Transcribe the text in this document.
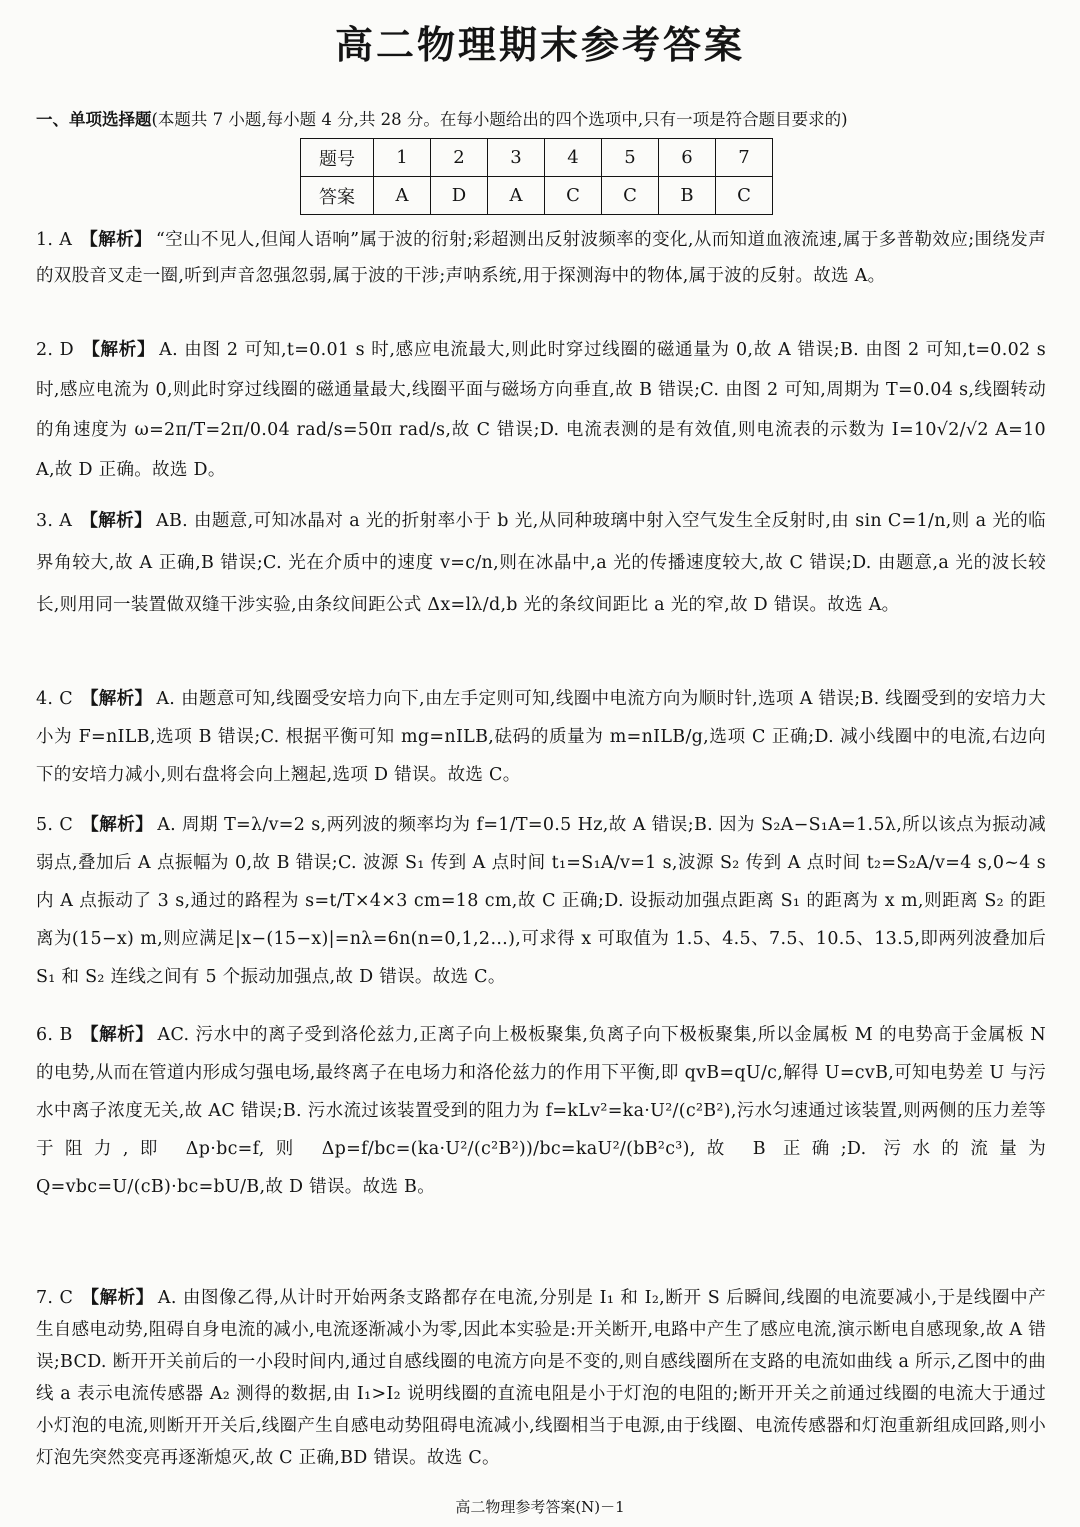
高二物理期末参考答案
一、单项选择题(本题共 7 小题,每小题 4 分,共 28 分。在每小题给出的四个选项中,只有一项是符合题目要求的)
题号	1	2	3	4	5	6	7
答案	A	D	A	C	C	B	C
1. A 【解析】 “空山不见人,但闻人语响”属于波的衍射;彩超测出反射波频率的变化,从而知道血液流速,属于多普勒效应;围绕发声的双股音叉走一圈,听到声音忽强忽弱,属于波的干涉;声呐系统,用于探测海中的物体,属于波的反射。故选 A。
2. D 【解析】 A. 由图 2 可知,t=0.01 s 时,感应电流最大,则此时穿过线圈的磁通量为 0,故 A 错误;B. 由图 2 可知,t=0.02 s 时,感应电流为 0,则此时穿过线圈的磁通量最大,线圈平面与磁场方向垂直,故 B 错误;C. 由图 2 可知,周期为 T=0.04 s,线圈转动的角速度为 ω=2π/T=2π/0.04 rad/s=50π rad/s,故 C 错误;D. 电流表测的是有效值,则电流表的示数为 I=10√2/√2 A=10 A,故 D 正确。故选 D。
3. A 【解析】 AB. 由题意,可知冰晶对 a 光的折射率小于 b 光,从同种玻璃中射入空气发生全反射时,由 sin C=1/n,则 a 光的临界角较大,故 A 正确,B 错误;C. 光在介质中的速度 v=c/n,则在冰晶中,a 光的传播速度较大,故 C 错误;D. 由题意,a 光的波长较长,则用同一装置做双缝干涉实验,由条纹间距公式 Δx=lλ/d,b 光的条纹间距比 a 光的窄,故 D 错误。故选 A。
4. C 【解析】 A. 由题意可知,线圈受安培力向下,由左手定则可知,线圈中电流方向为顺时针,选项 A 错误;B. 线圈受到的安培力大小为 F=nILB,选项 B 错误;C. 根据平衡可知 mg=nILB,砝码的质量为 m=nILB/g,选项 C 正确;D. 减小线圈中的电流,右边向下的安培力减小,则右盘将会向上翘起,选项 D 错误。故选 C。
5. C 【解析】 A. 周期 T=λ/v=2 s,两列波的频率均为 f=1/T=0.5 Hz,故 A 错误;B. 因为 S₂A−S₁A=1.5λ,所以该点为振动减弱点,叠加后 A 点振幅为 0,故 B 错误;C. 波源 S₁ 传到 A 点时间 t₁=S₁A/v=1 s,波源 S₂ 传到 A 点时间 t₂=S₂A/v=4 s,0~4 s 内 A 点振动了 3 s,通过的路程为 s=t/T×4×3 cm=18 cm,故 C 正确;D. 设振动加强点距离 S₁ 的距离为 x m,则距离 S₂ 的距离为(15−x) m,则应满足|x−(15−x)|=nλ=6n(n=0,1,2…),可求得 x 可取值为 1.5、4.5、7.5、10.5、13.5,即两列波叠加后 S₁ 和 S₂ 连线之间有 5 个振动加强点,故 D 错误。故选 C。
6. B 【解析】 AC. 污水中的离子受到洛伦兹力,正离子向上极板聚集,负离子向下极板聚集,所以金属板 M 的电势高于金属板 N 的电势,从而在管道内形成匀强电场,最终离子在电场力和洛伦兹力的作用下平衡,即 qvB=qU/c,解得 U=cvB,可知电势差 U 与污水中离子浓度无关,故 AC 错误;B. 污水流过该装置受到的阻力为 f=kLv²=ka·U²/(c²B²),污水匀速通过该装置,则两侧的压力差等于阻力,即 Δp·bc=f,则 Δp=f/bc=(ka·U²/(c²B²))/bc=kaU²/(bB²c³),故 B 正确;D. 污水的流量为 Q=vbc=U/(cB)·bc=bU/B,故 D 错误。故选 B。
7. C 【解析】 A. 由图像乙得,从计时开始两条支路都存在电流,分别是 I₁ 和 I₂,断开 S 后瞬间,线圈的电流要减小,于是线圈中产生自感电动势,阻碍自身电流的减小,电流逐渐减小为零,因此本实验是:开关断开,电路中产生了感应电流,演示断电自感现象,故 A 错误;BCD. 断开开关前后的一小段时间内,通过自感线圈的电流方向是不变的,则自感线圈所在支路的电流如曲线 a 所示,乙图中的曲线 a 表示电流传感器 A₂ 测得的数据,由 I₁>I₂ 说明线圈的直流电阻是小于灯泡的电阻的;断开开关之前通过线圈的电流大于通过小灯泡的电流,则断开开关后,线圈产生自感电动势阻碍电流减小,线圈相当于电源,由于线圈、电流传感器和灯泡重新组成回路,则小灯泡先突然变亮再逐渐熄灭,故 C 正确,BD 错误。故选 C。
高二物理参考答案(N)－1
